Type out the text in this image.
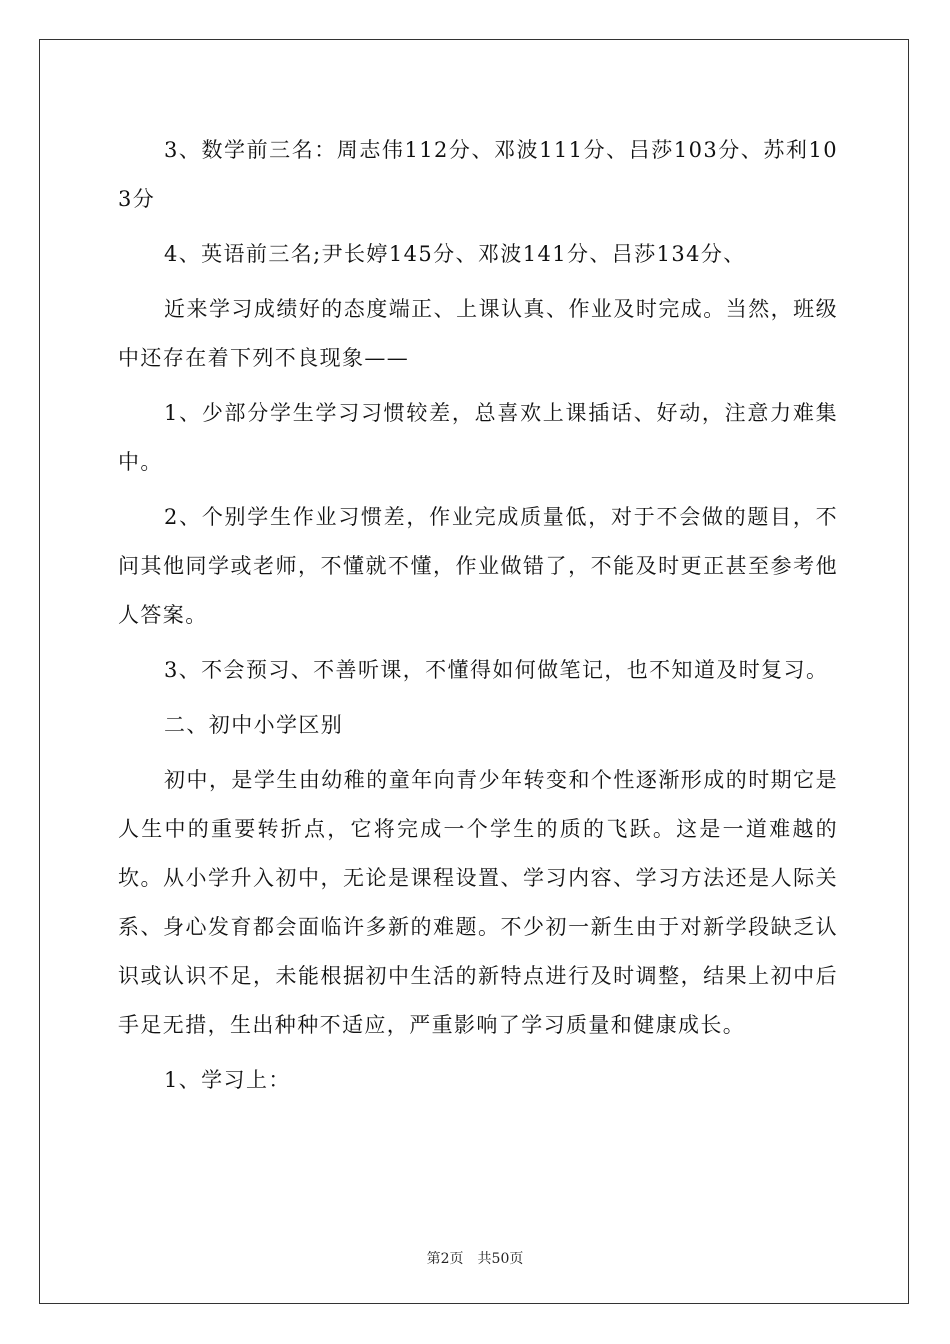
3、数学前三名：周志伟112分、邓波111分、吕莎103分、苏利103分

4、英语前三名;尹长婷145分、邓波141分、吕莎134分、

近来学习成绩好的态度端正、上课认真、作业及时完成。当然，班级中还存在着下列不良现象——

1、少部分学生学习习惯较差，总喜欢上课插话、好动，注意力难集中。

2、个别学生作业习惯差，作业完成质量低，对于不会做的题目，不问其他同学或老师，不懂就不懂，作业做错了，不能及时更正甚至参考他人答案。

3、不会预习、不善听课，不懂得如何做笔记，也不知道及时复习。

二、初中小学区别

初中，是学生由幼稚的童年向青少年转变和个性逐渐形成的时期它是人生中的重要转折点，它将完成一个学生的质的飞跃。这是一道难越的坎。从小学升入初中，无论是课程设置、学习内容、学习方法还是人际关系、身心发育都会面临许多新的难题。不少初一新生由于对新学段缺乏认识或认识不足，未能根据初中生活的新特点进行及时调整，结果上初中后手足无措，生出种种不适应，严重影响了学习质量和健康成长。

1、学习上：

第2页 共50页
